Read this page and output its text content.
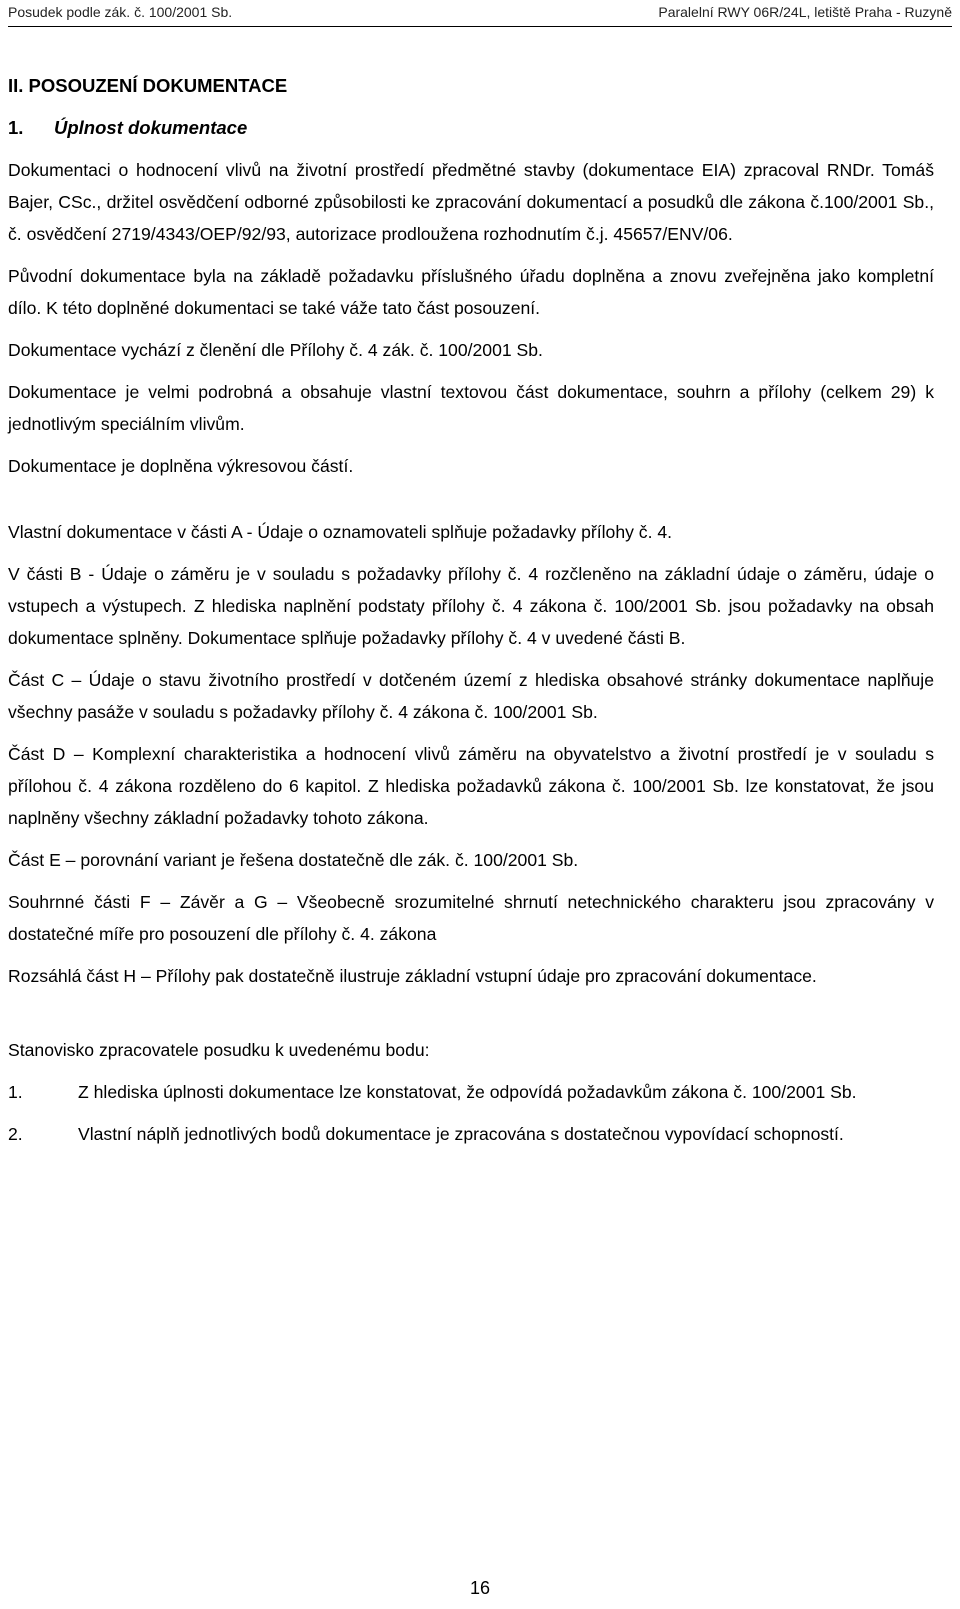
Posudek podle zák. č. 100/2001 Sb.	Paralelní RWY 06R/24L, letiště Praha - Ruzyně
II. POSOUZENÍ DOKUMENTACE
1. Úplnost dokumentace

Dokumentaci o hodnocení vlivů na životní prostředí předmětné stavby (dokumentace EIA) zpracoval RNDr. Tomáš Bajer, CSc., držitel osvědčení odborné způsobilosti ke zpracování dokumentací a posudků dle zákona č.100/2001 Sb., č. osvědčení 2719/4343/OEP/92/93, autorizace prodloužena rozhodnutím č.j. 45657/ENV/06.

Původní dokumentace byla na základě požadavku příslušného úřadu doplněna a znovu zveřejněna jako kompletní dílo. K této doplněné dokumentaci se také váže tato část posouzení.

Dokumentace vychází z členění dle Přílohy č. 4 zák. č. 100/2001 Sb.

Dokumentace je velmi podrobná a obsahuje vlastní textovou část dokumentace, souhrn a přílohy (celkem 29) k jednotlivým speciálním vlivům.

Dokumentace je doplněna výkresovou částí.

Vlastní dokumentace v části A - Údaje o oznamovateli splňuje požadavky přílohy č. 4.

V části B - Údaje o záměru je v souladu s požadavky přílohy č. 4 rozčleněno na základní údaje o záměru, údaje o vstupech a výstupech. Z hlediska naplnění podstaty přílohy č. 4 zákona č. 100/2001 Sb. jsou požadavky na obsah dokumentace splněny. Dokumentace splňuje požadavky přílohy č. 4 v uvedené části B.

Část C – Údaje o stavu životního prostředí v dotčeném území z hlediska obsahové stránky dokumentace naplňuje všechny pasáže v souladu s požadavky přílohy č. 4 zákona č. 100/2001 Sb.

Část D – Komplexní charakteristika a hodnocení vlivů záměru na obyvatelstvo a životní prostředí je v souladu s přílohou č. 4 zákona rozděleno do 6 kapitol. Z hlediska požadavků zákona č. 100/2001 Sb. lze konstatovat, že jsou naplněny všechny základní požadavky tohoto zákona.

Část E – porovnání variant je řešena dostatečně dle zák. č. 100/2001 Sb.

Souhrnné části F – Závěr a G – Všeobecně srozumitelné shrnutí netechnického charakteru jsou zpracovány v dostatečné míře pro posouzení dle přílohy č. 4. zákona

Rozsáhlá část H – Přílohy pak dostatečně ilustruje základní vstupní údaje pro zpracování dokumentace.

Stanovisko zpracovatele posudku k uvedenému bodu:

1.	Z hlediska úplnosti dokumentace lze konstatovat, že odpovídá požadavkům zákona č. 100/2001 Sb.
2.	Vlastní náplň jednotlivých bodů dokumentace je zpracována s dostatečnou vypovídací schopností.
16
